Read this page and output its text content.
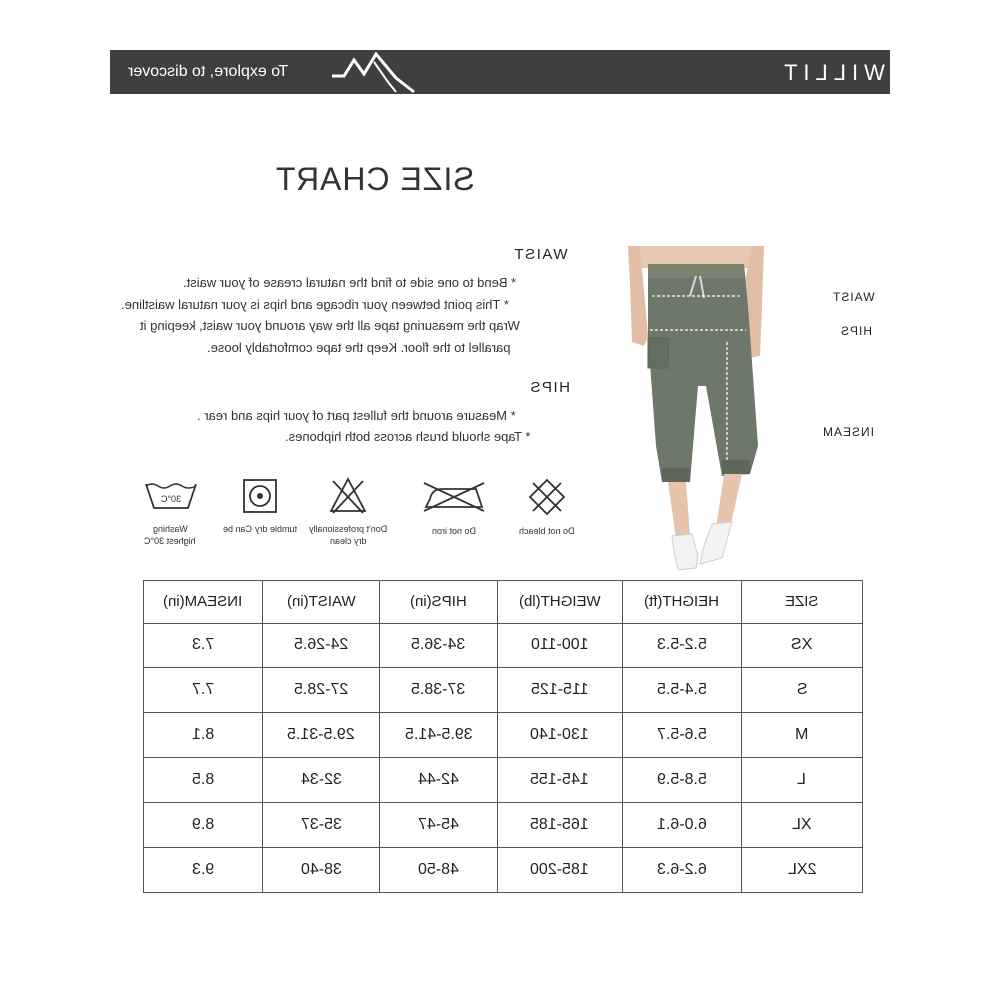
To explore, to discover	WILLIT
SIZE CHART
WAIST
* Bend to one side to find the natural crease of your waist.
* This point between your ribcage and hips is your natural waistline.
Wrap the measuring tape all the way around your waist, keeping it
parallel to the floor. Keep the tape comfortably loose.
HIPS
* Measure around the fullest part of your hips and rear .
* Tape should brush across both hipbones.
Do not bleach
Do not iron
Don't professionally dry clean
Can be tumble dry
30°C
Washing highest 30°C
WAIST
HIPS
INSEAM
INSEAM(in)	WAIST(in)	HIPS(in)	WEIGHT(lb)	HEIGHT(ft)	SIZE
7.3	24-26.5	34-36.5	100-110	5.2-5.3	XS
7.7	27-28.5	37-38.5	115-125	5.4-5.5	S
8.1	29.5-31.5	39.5-41.5	130-140	5.6-5.7	M
8.5	32-34	42-44	145-155	5.8-5.9	L
8.9	35-37	45-47	165-185	6.0-6.1	XL
9.3	38-40	48-50	185-200	6.2-6.3	2XL
